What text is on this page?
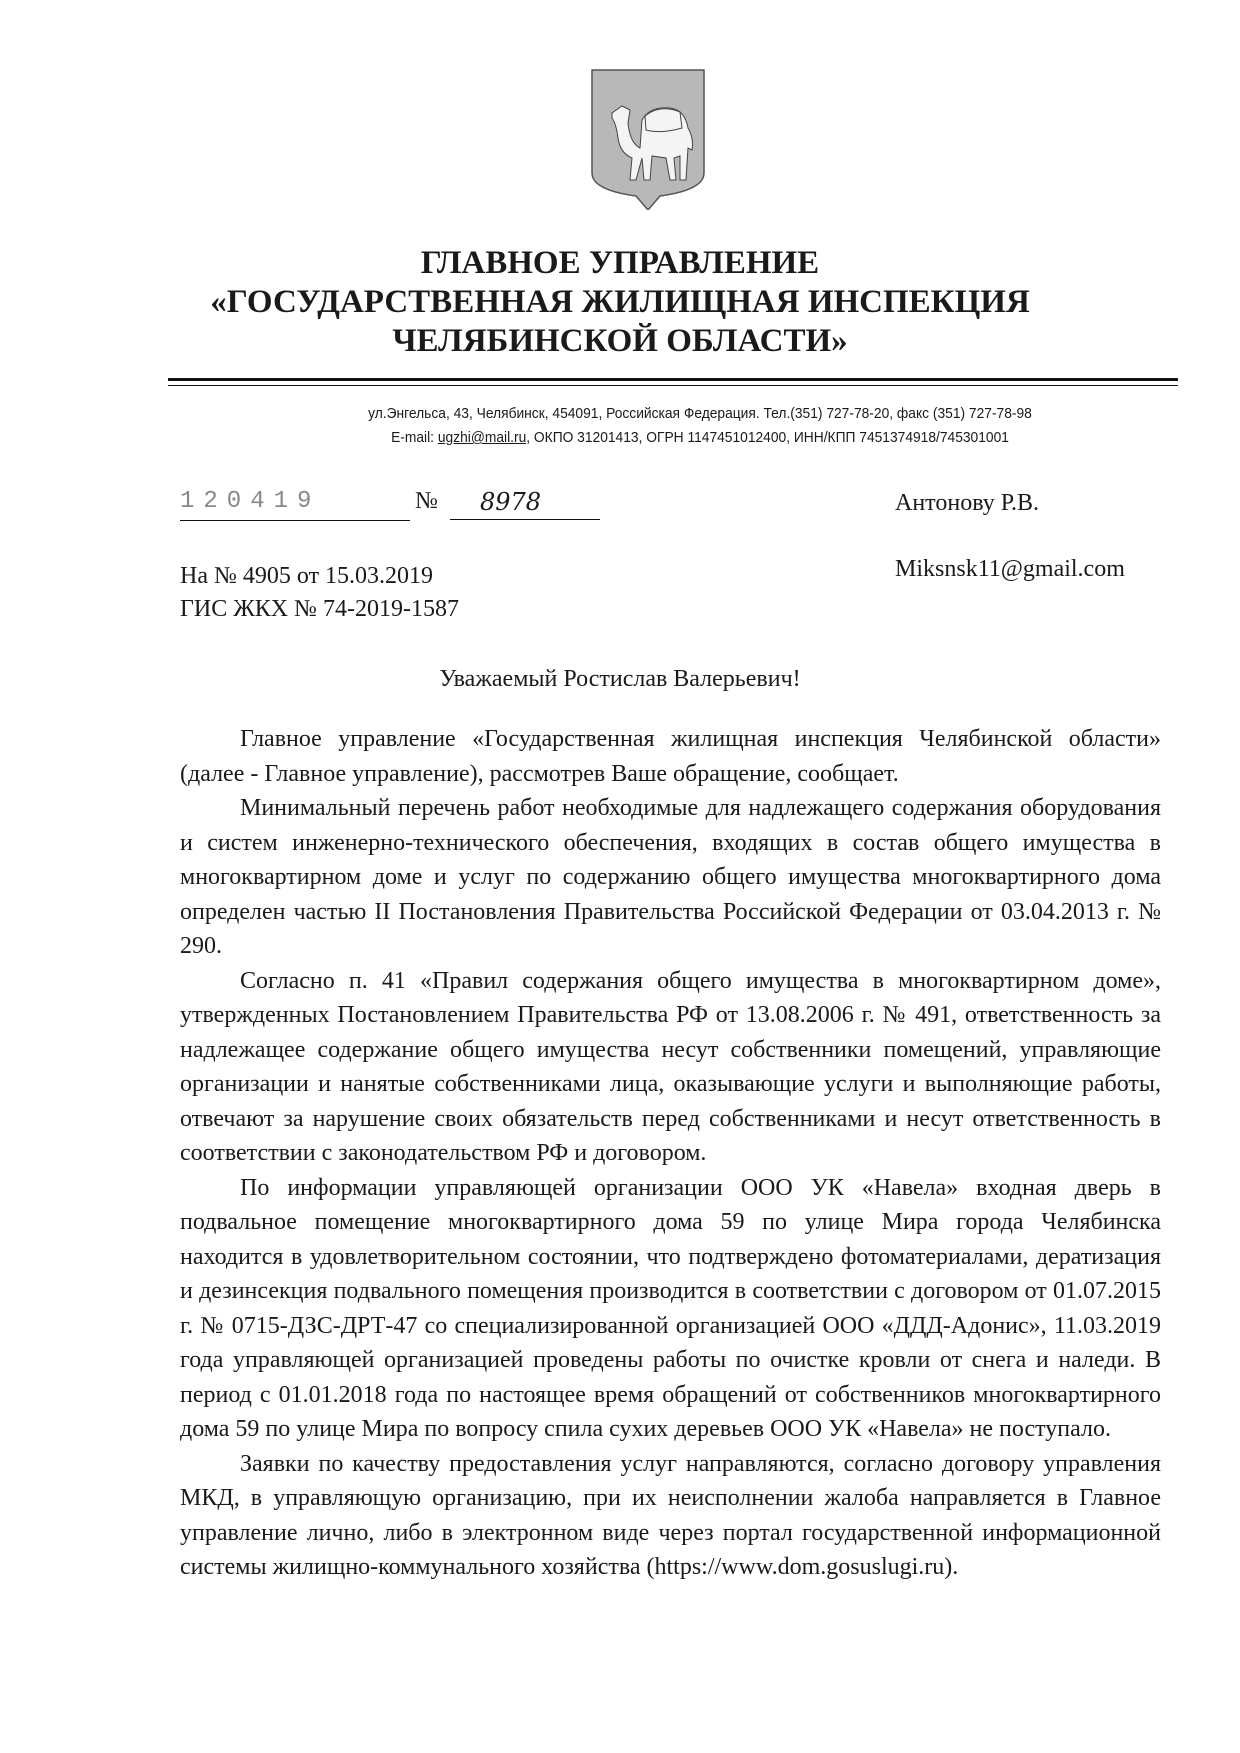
ГЛАВНОЕ УПРАВЛЕНИЕ
«ГОСУДАРСТВЕННАЯ ЖИЛИЩНАЯ ИНСПЕКЦИЯ
ЧЕЛЯБИНСКОЙ ОБЛАСТИ»
ул.Энгельса, 43, Челябинск, 454091, Российская Федерация. Тел.(351) 727-78-20, факс (351) 727-78-98
E-mail: ugzhi@mail.ru, ОКПО 31201413, ОГРН 1147451012400, ИНН/КПП 7451374918/745301001
120419	№	8978	Антонову Р.В.
Miksnsk11@gmail.com
На № 4905 от 15.03.2019
ГИС ЖКХ № 74-2019-1587
Уважаемый Ростислав Валерьевич!

Главное управление «Государственная жилищная инспекция Челябинской области» (далее - Главное управление), рассмотрев Ваше обращение, сообщает.

Минимальный перечень работ необходимые для надлежащего содержания оборудования и систем инженерно-технического обеспечения, входящих в состав общего имущества в многоквартирном доме и услуг по содержанию общего имущества многоквартирного дома определен частью II Постановления Правительства Российской Федерации от 03.04.2013 г. № 290.

Согласно п. 41 «Правил содержания общего имущества в многоквартирном доме», утвержденных Постановлением Правительства РФ от 13.08.2006 г. № 491, ответственность за надлежащее содержание общего имущества несут собственники помещений, управляющие организации и нанятые собственниками лица, оказывающие услуги и выполняющие работы, отвечают за нарушение своих обязательств перед собственниками и несут ответственность в соответствии с законодательством РФ и договором.

По информации управляющей организации ООО УК «Навела» входная дверь в подвальное помещение многоквартирного дома 59 по улице Мира города Челябинска находится в удовлетворительном состоянии, что подтверждено фотоматериалами, дератизация и дезинсекция подвального помещения производится в соответствии с договором от 01.07.2015 г. № 0715-ДЗС-ДРТ-47 со специализированной организацией ООО «ДДД-Адонис», 11.03.2019 года управляющей организацией проведены работы по очистке кровли от снега и наледи. В период с 01.01.2018 года по настоящее время обращений от собственников многоквартирного дома 59 по улице Мира по вопросу спила сухих деревьев ООО УК «Навела» не поступало.

Заявки по качеству предоставления услуг направляются, согласно договору управления МКД, в управляющую организацию, при их неисполнении жалоба направляется в Главное управление лично, либо в электронном виде через портал государственной информационной системы жилищно-коммунального хозяйства (https://www.dom.gosuslugi.ru).
